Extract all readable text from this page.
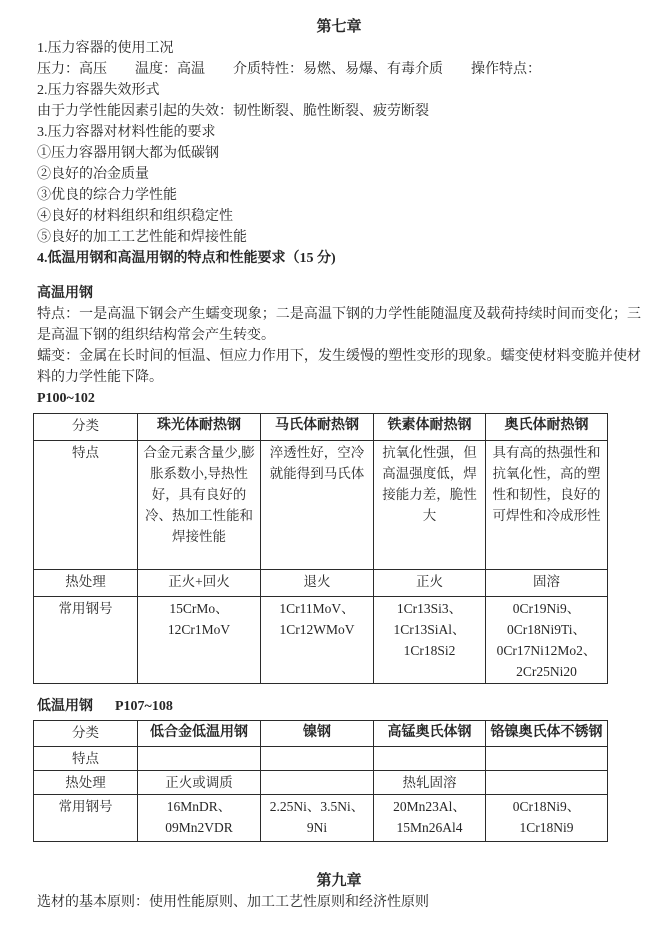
第七章
1.压力容器的使用工况
压力：高压　　温度：高温　　介质特性：易燃、易爆、有毒介质　　操作特点：
2.压力容器失效形式
由于力学性能因素引起的失效：韧性断裂、脆性断裂、疲劳断裂
3.压力容器对材料性能的要求
①压力容器用钢大都为低碳钢
②良好的冶金质量
③优良的综合力学性能
④良好的材料组织和组织稳定性
⑤良好的加工工艺性能和焊接性能
4.低温用钢和高温用钢的特点和性能要求（15 分)
高温用钢

特点：一是高温下钢会产生蠕变现象；二是高温下钢的力学性能随温度及载荷持续时间而变化；三是高温下钢的组织结构常会产生转变。

蠕变：金属在长时间的恒温、恒应力作用下，发生缓慢的塑性变形的现象。蠕变使材料变脆并使材料的力学性能下降。

P100~102
分类	珠光体耐热钢	马氏体耐热钢	铁素体耐热钢	奥氏体耐热钢
特点	合金元素含量少,膨胀系数小,导热性好，具有良好的冷、热加工性能和焊接性能	淬透性好，空冷就能得到马氏体	抗氧化性强，但高温强度低，焊接能力差，脆性大	具有高的热强性和抗氧化性，高的塑性和韧性，良好的可焊性和冷成形性
热处理	正火+回火	退火	正火	固溶
常用钢号	15CrMo、12Cr1MoV	1Cr11MoV、1Cr12WMoV	1Cr13Si3、1Cr13SiAl、1Cr18Si2	0Cr19Ni9、0Cr18Ni9Ti、0Cr17Ni12Mo2、2Cr25Ni20
低温用钢 P107~108
分类	低合金低温用钢	镍钢	高锰奥氏体钢	铬镍奥氏体不锈钢
特点				
热处理	正火或调质		热轧固溶	
常用钢号	16MnDR、09Mn2VDR	2.25Ni、3.5Ni、9Ni	20Mn23Al、15Mn26Al4	0Cr18Ni9、1Cr18Ni9
第九章
选材的基本原则：使用性能原则、加工工艺性原则和经济性原则
